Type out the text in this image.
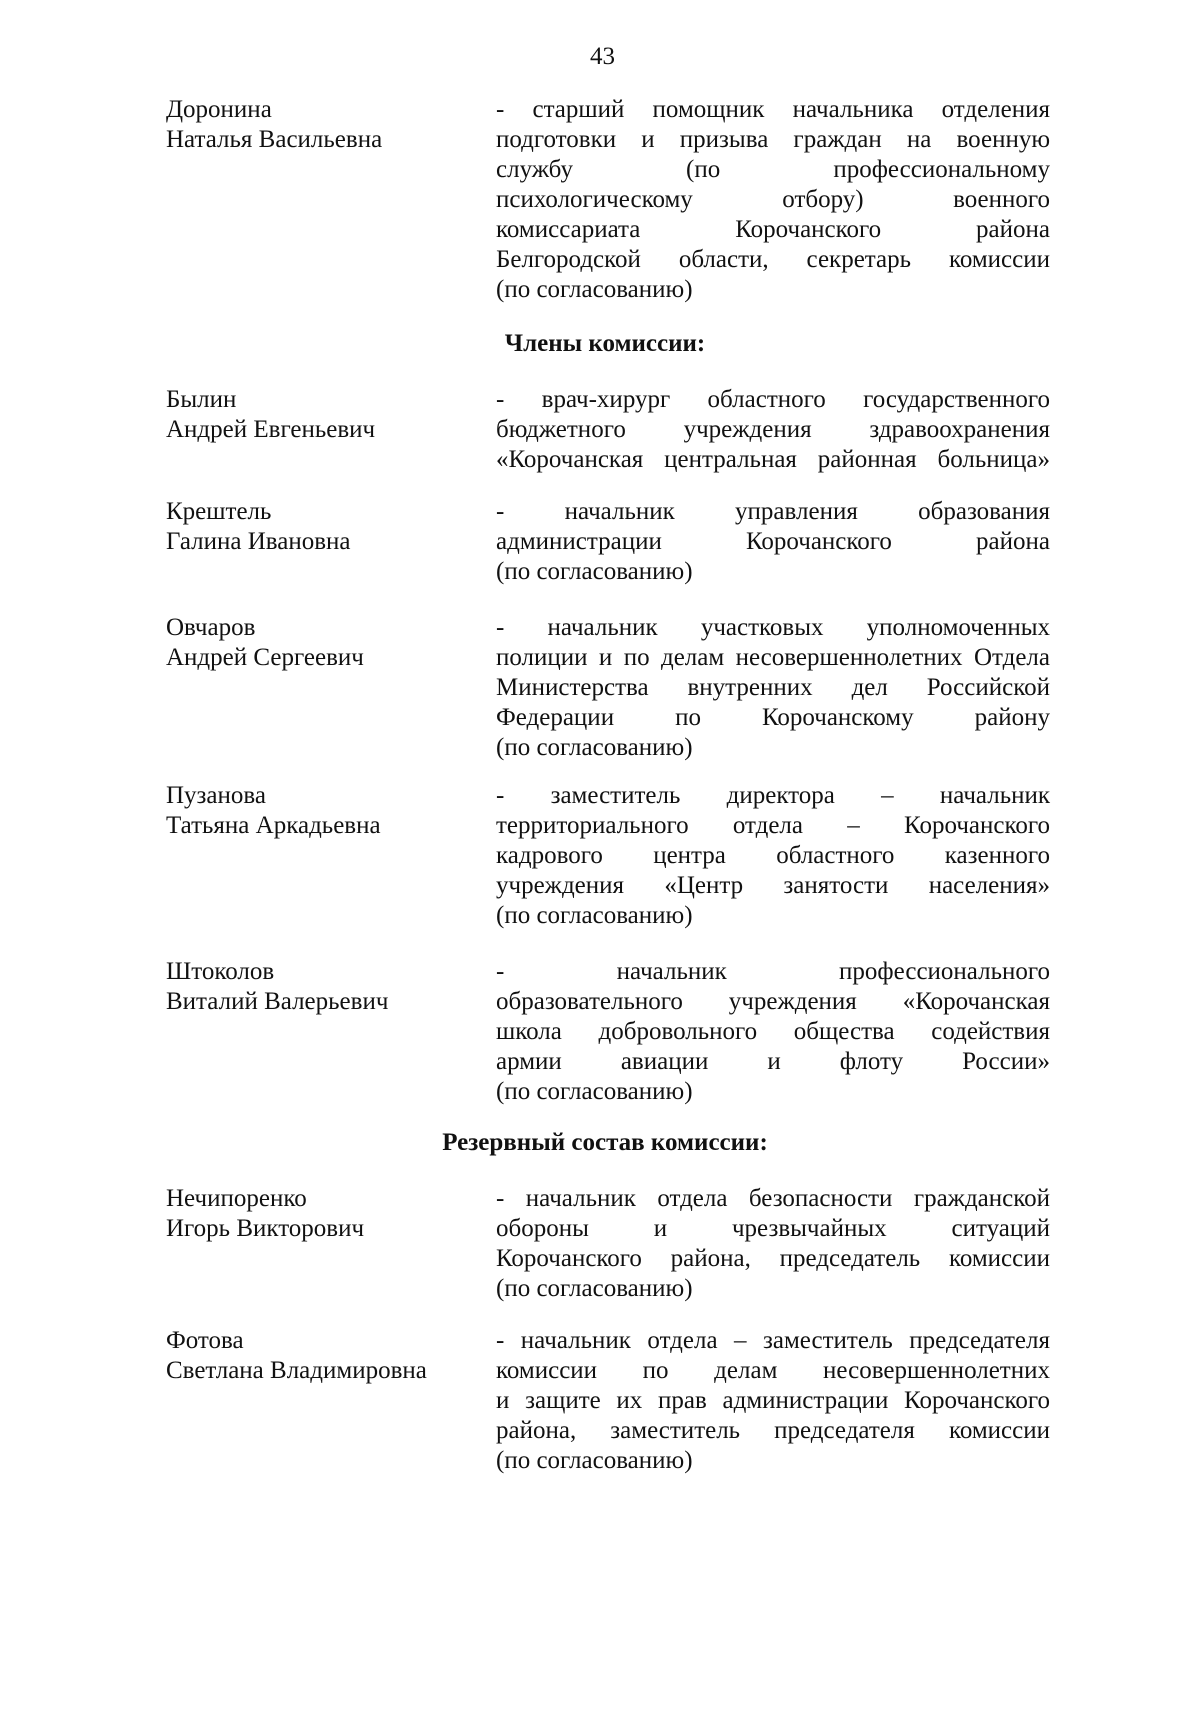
43
Доронина
Наталья Васильевна
- старший помощник начальника отделения
подготовки и призыва граждан на военную
службу (по профессиональному
психологическому отбору) военного
комиссариата Корочанского района
Белгородской области, секретарь комиссии
(по согласованию)
Члены комиссии:
Былин
Андрей Евгеньевич
- врач-хирург областного государственного
бюджетного учреждения здравоохранения
«Корочанская центральная районная больница»
Крештель
Галина Ивановна
- начальник управления образования
администрации Корочанского района
(по согласованию)
Овчаров
Андрей Сергеевич
- начальник участковых уполномоченных
полиции и по делам несовершеннолетних Отдела
Министерства внутренних дел Российской
Федерации по Корочанскому району
(по согласованию)
Пузанова
Татьяна Аркадьевна
- заместитель директора – начальник
территориального отдела – Корочанского
кадрового центра областного казенного
учреждения «Центр занятости населения»
(по согласованию)
Штоколов
Виталий Валерьевич
- начальник профессионального
образовательного учреждения «Корочанская
школа добровольного общества содействия
армии авиации и флоту России»
(по согласованию)
Резервный состав комиссии:
Нечипоренко
Игорь Викторович
- начальник отдела безопасности гражданской
обороны и чрезвычайных ситуаций
Корочанского района, председатель комиссии
(по согласованию)
Фотова
Светлана Владимировна
- начальник отдела – заместитель председателя
комиссии по делам несовершеннолетних
и защите их прав администрации Корочанского
района, заместитель председателя комиссии
(по согласованию)
